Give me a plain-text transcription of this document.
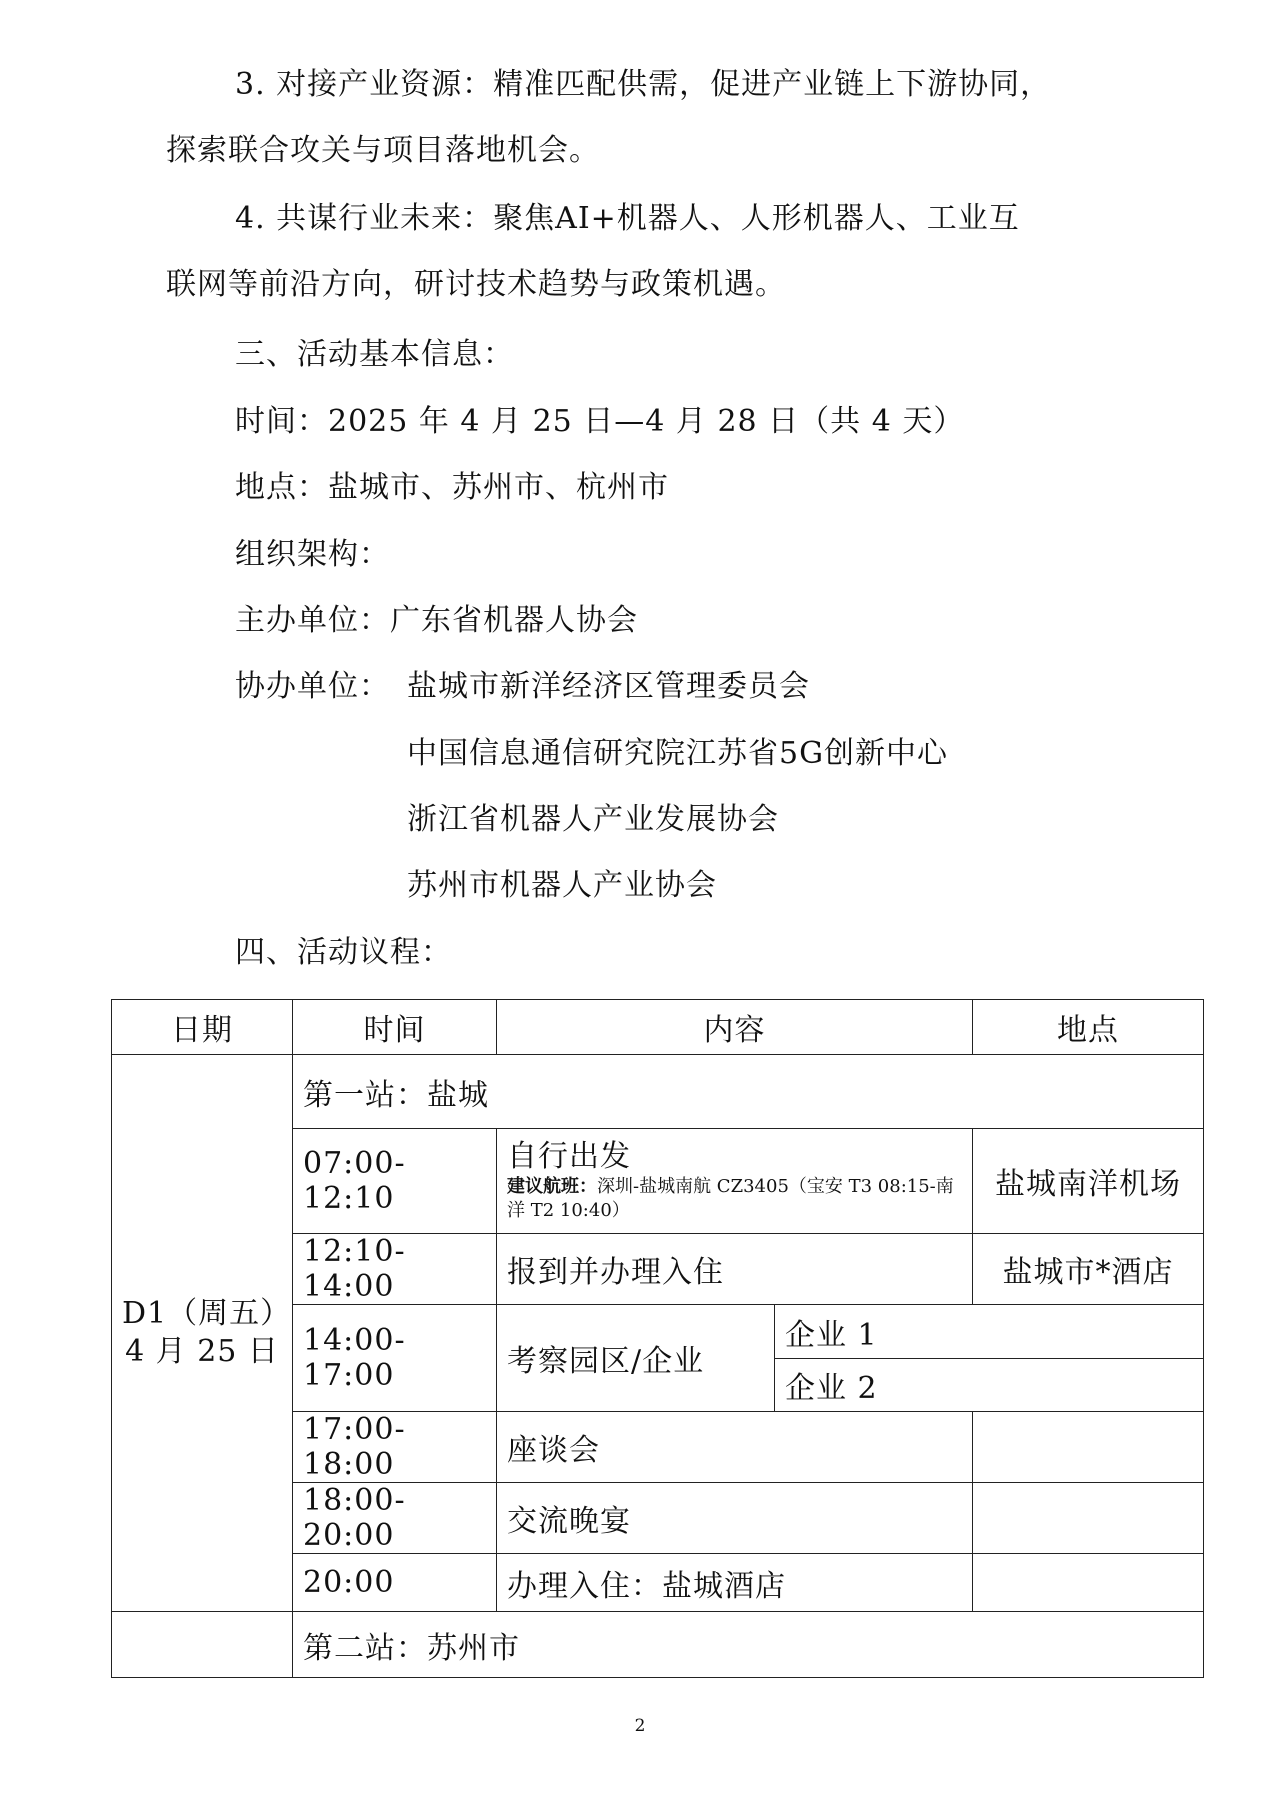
3. 对接产业资源：精准匹配供需，促进产业链上下游协同，
探索联合攻关与项目落地机会。
4. 共谋行业未来：聚焦AI+机器人、人形机器人、工业互
联网等前沿方向，研讨技术趋势与政策机遇。
三、活动基本信息：
时间：2025 年 4 月 25 日—4 月 28 日（共 4 天）
地点：盐城市、苏州市、杭州市
组织架构：
主办单位：广东省机器人协会
协办单位： 盐城市新洋经济区管理委员会
中国信息通信研究院江苏省5G创新中心
浙江省机器人产业发展协会
苏州市机器人产业协会
四、活动议程：
日期	时间	内容		地点

D1（周五）
4 月 25 日	第一站：盐城			
	07:00-12:10	自行出发
建议航班：深圳-盐城南航 CZ3405（宝安 T3 08:15-南洋 T2 10:40）		盐城南洋机场
	12:10-14:00	报到并办理入住		盐城市*酒店
	14:00-17:00	考察园区/企业	企业 1	
			企业 2	
	17:00-18:00	座谈会		
	18:00-20:00	交流晚宴		
	20:00	办理入住：盐城酒店		
	第二站：苏州市			
2
